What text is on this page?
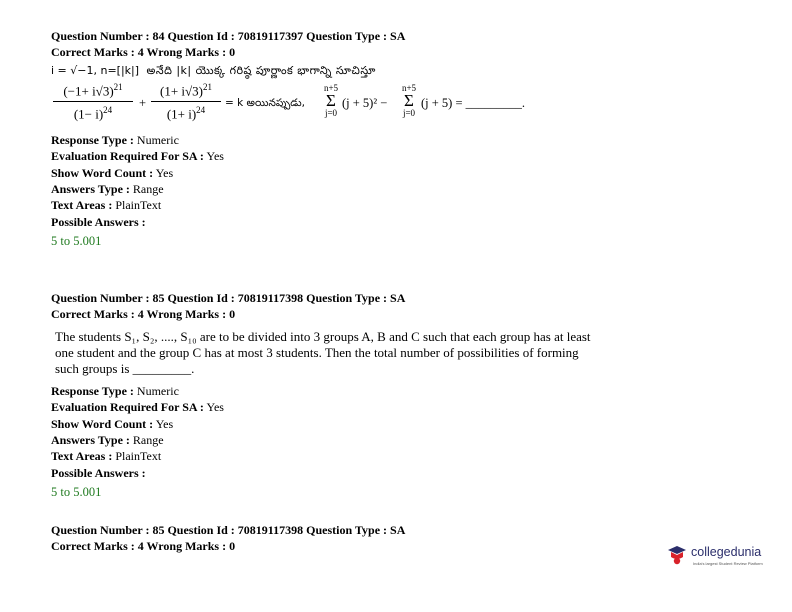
Question Number : 84 Question Id : 70819117397 Question Type : SA
Correct Marks : 4 Wrong Marks : 0
i = √−1, n=[|k|] అనేది |k| యొక్క గరిష్ఠ పూర్ణాంక భాగాన్ని సూచిస్తూ
$\frac{(-1+ i√3)^{21}}{(1- i)^{24}} + \frac{(1+ i√3)^{21}}{(1+ i)^{24}} = k$ అయినప్పుడు,
n+5
Σ
j=0
(j + 5)² −
n+5
Σ
j=0
(j + 5) = _________.
Response Type : Numeric
Evaluation Required For SA : Yes
Show Word Count : Yes
Answers Type : Range
Text Areas : PlainText
Possible Answers :
5 to 5.001
Question Number : 85 Question Id : 70819117398 Question Type : SA
Correct Marks : 4 Wrong Marks : 0
The students S₁, S₂, ...., S₁₀ are to be divided into 3 groups A, B and C such that each group has at least one student and the group C has at most 3 students. Then the total number of possibilities of forming such groups is _________.
Response Type : Numeric
Evaluation Required For SA : Yes
Show Word Count : Yes
Answers Type : Range
Text Areas : PlainText
Possible Answers :
5 to 5.001
Question Number : 85 Question Id : 70819117398 Question Type : SA
Correct Marks : 4 Wrong Marks : 0	collegedunia
India's largest Student Review Platform
